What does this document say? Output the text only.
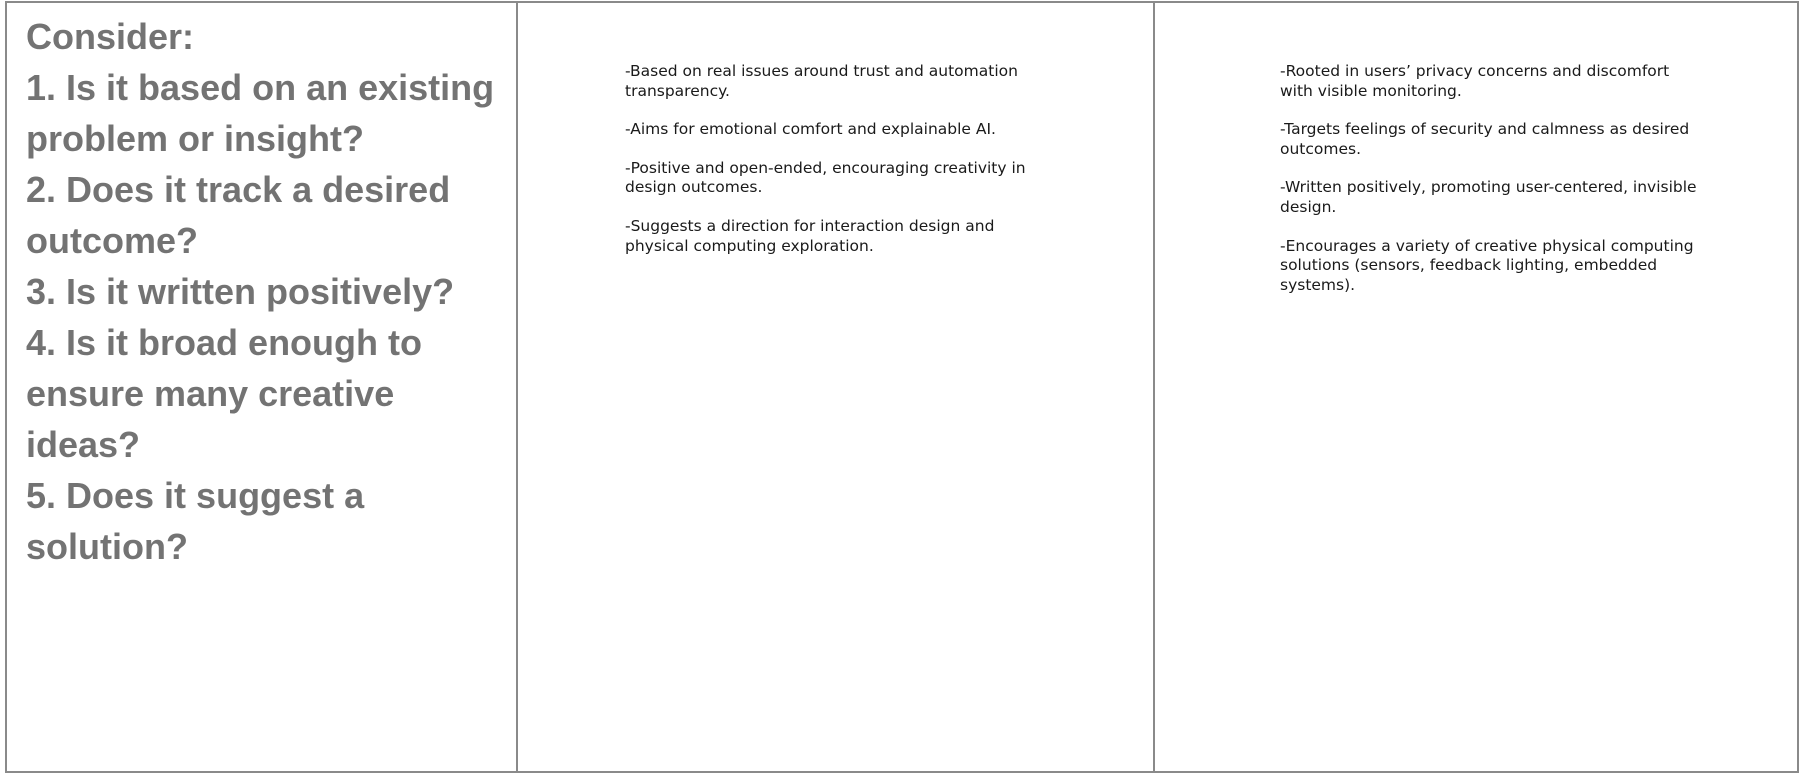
Consider:
1. Is it based on an existing problem or insight?
2. Does it track a desired outcome?
3. Is it written positively?
4. Is it broad enough to ensure many creative ideas?
5. Does it suggest a solution?

-Based on real issues around trust and automation transparency.

-Aims for emotional comfort and explainable AI.

-Positive and open-ended, encouraging creativity in design outcomes.

-Suggests a direction for interaction design and physical computing exploration.

-Rooted in users’ privacy concerns and discomfort with visible monitoring.

-Targets feelings of security and calmness as desired outcomes.

-Written positively, promoting user-centered, invisible design.

-Encourages a variety of creative physical computing solutions (sensors, feedback lighting, embedded systems).
